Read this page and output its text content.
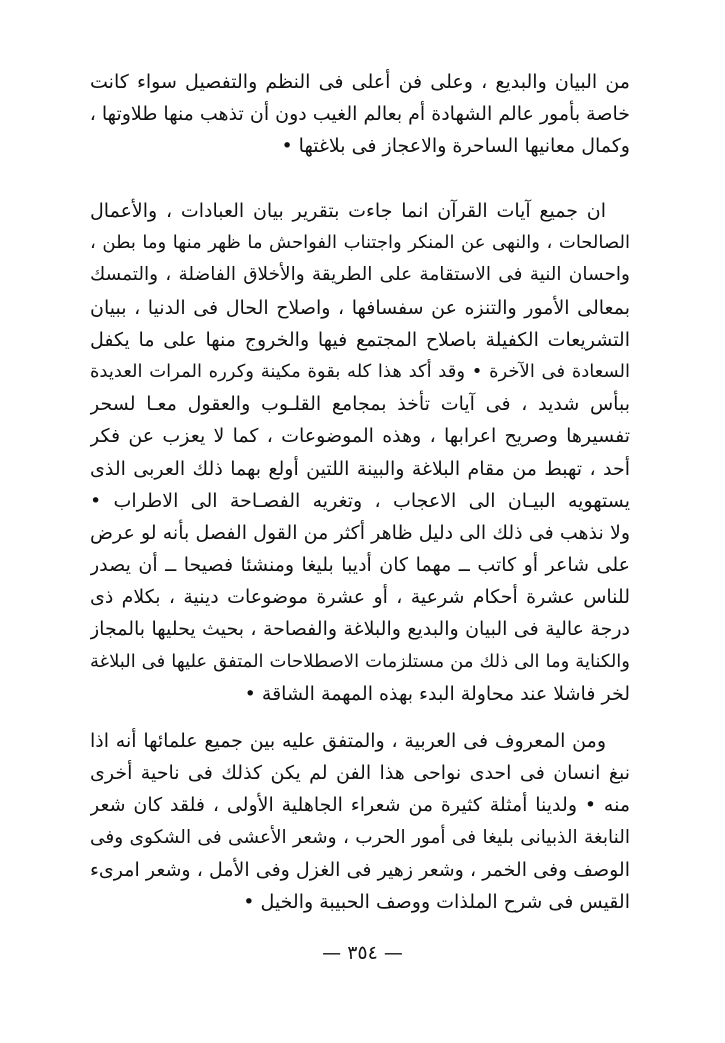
من البيان والبديع ، وعلى فن أعلى فى النظم والتفصيل سواء كانت
خاصة بأمور عالم الشهادة أم بعالم الغيب دون أن تذهب منها طلاوتها ،
وكمال معانيها الساحرة والاعجاز فى بلاغتها •
ان جميع آيات القرآن انما جاءت بتقرير بيان العبادات ، والأعمال
الصالحات ، والنهى عن المنكر واجتناب الفواحش ما ظهر منها وما بطن ،
واحسان النية فى الاستقامة على الطريقة والأخلاق الفاضلة ، والتمسك
بمعالى الأمور والتنزه عن سفسافها ، واصلاح الحال فى الدنيا ، ببيان
التشريعات الكفيلة باصلاح المجتمع فيها والخروج منها على ما يكفل
السعادة فى الآخرة • وقد أكد هذا كله بقوة مكينة وكرره المرات العديدة
ببأس شديد ، فى آيات تأخذ بمجامع القلـوب والعقول معـا لسحر
تفسيرها وصريح اعرابها ، وهذه الموضوعات ، كما لا يعزب عن فكر
أحد ، تهبط من مقام البلاغة والبينة اللتين أولع بهما ذلك العربى الذى
يستهويه البيـان الى الاعجاب ، وتغريه الفصـاحة الى الاطراب •
ولا نذهب فى ذلك الى دليل ظاهر أكثر من القول الفصل بأنه لو عرض
على شاعر أو كاتب ــ مهما كان أديبا بليغا ومنشئا فصيحا ــ أن يصدر
للناس عشرة أحكام شرعية ، أو عشرة موضوعات دينية ، بكلام ذى
درجة عالية فى البيان والبديع والبلاغة والفصاحة ، بحيث يحليها بالمجاز
والكناية وما الى ذلك من مستلزمات الاصطلاحات المتفق عليها فى البلاغة
لخر فاشلا عند محاولة البدء بهذه المهمة الشاقة •
ومن المعروف فى العربية ، والمتفق عليه بين جميع علمائها أنه اذا
نبغ انسان فى احدى نواحى هذا الفن لم يكن كذلك فى ناحية أخرى
منه • ولدينا أمثلة كثيرة من شعراء الجاهلية الأولى ، فلقد كان شعر
النابغة الذبيانى بليغا فى أمور الحرب ، وشعر الأعشى فى الشكوى وفى
الوصف وفى الخمر ، وشعر زهير فى الغزل وفى الأمل ، وشعر امرىء
القيس فى شرح الملذات ووصف الحبيبة والخيل •
— ٣٥٤ —
